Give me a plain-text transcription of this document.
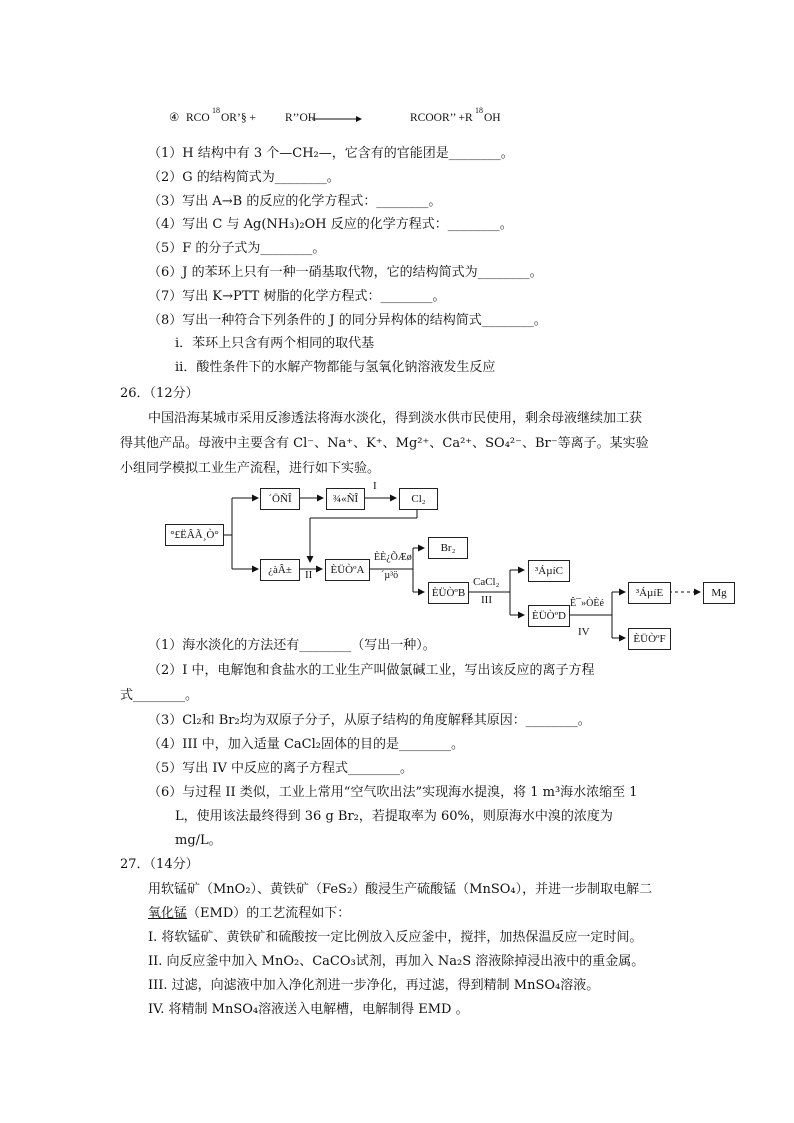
④ RCO
18
OR ’§ +	R’’OH	RCOOR’’ + R
18
OH
（1）H 结构中有 3 个—CH₂—，它含有的官能团是________。
（2）G 的结构简式为________。
（3）写出 A→B 的反应的化学方程式：________。
（4）写出 C 与 Ag(NH₃)₂OH 反应的化学方程式：________。
（5）F 的分子式为________。
（6）J 的苯环上只有一种一硝基取代物，它的结构简式为________。
（7）写出 K→PTT 树脂的化学方程式：________。
（8）写出一种符合下列条件的 J 的同分异构体的结构简式________。
i．苯环上只含有两个相同的取代基
ii．酸性条件下的水解产物都能与氢氧化钠溶液发生反应
26．（12分）
中国沿海某城市采用反渗透法将海水淡化，得到淡水供市民使用，剩余母液继续加工获
得其他产品。母液中主要含有 Cl⁻、Na⁺、K⁺、Mg²⁺、Ca²⁺、SO₄²⁻、Br⁻等离子。某实验
小组同学模拟工业生产流程，进行如下实验。
°£ËÂÃ¸Ò°
´ÖÑÎ	¾«ÑÎ	Cl₂
¿àÂ±	ÈÜÒºA
Br₂
ÈÜÒºB
³ÁµíC
ÈÜÒºD
³ÁµíE
ÈÜÒºF
Mg
I
II
III
IV
ÈÈ¿ÕÆø
´µ³ö
CaCl₂
Ê¯»ÒÈé
（1）海水淡化的方法还有________（写出一种）。
（2）I 中，电解饱和食盐水的工业生产叫做氯碱工业，写出该反应的离子方程
式________。
（3）Cl₂和 Br₂均为双原子分子，从原子结构的角度解释其原因：________。
（4）III 中，加入适量 CaCl₂固体的目的是________。
（5）写出 IV 中反应的离子方程式________。
（6）与过程 II 类似，工业上常用“空气吹出法”实现海水提溴，将 1 m³海水浓缩至 1
L，使用该法最终得到 36 g Br₂，若提取率为 60%，则原海水中溴的浓度为
mg/L。
27．（14分）
用软锰矿（MnO₂）、黄铁矿（FeS₂）酸浸生产硫酸锰（MnSO₄），并进一步制取电解二
氧化锰（EMD）的工艺流程如下：
I. 将软锰矿、黄铁矿和硫酸按一定比例放入反应釜中，搅拌，加热保温反应一定时间。
II. 向反应釜中加入 MnO₂、CaCO₃试剂，再加入 Na₂S 溶液除掉浸出液中的重金属。
III. 过滤，向滤液中加入净化剂进一步净化，再过滤，得到精制 MnSO₄溶液。
IV. 将精制 MnSO₄溶液送入电解槽，电解制得 EMD 。
